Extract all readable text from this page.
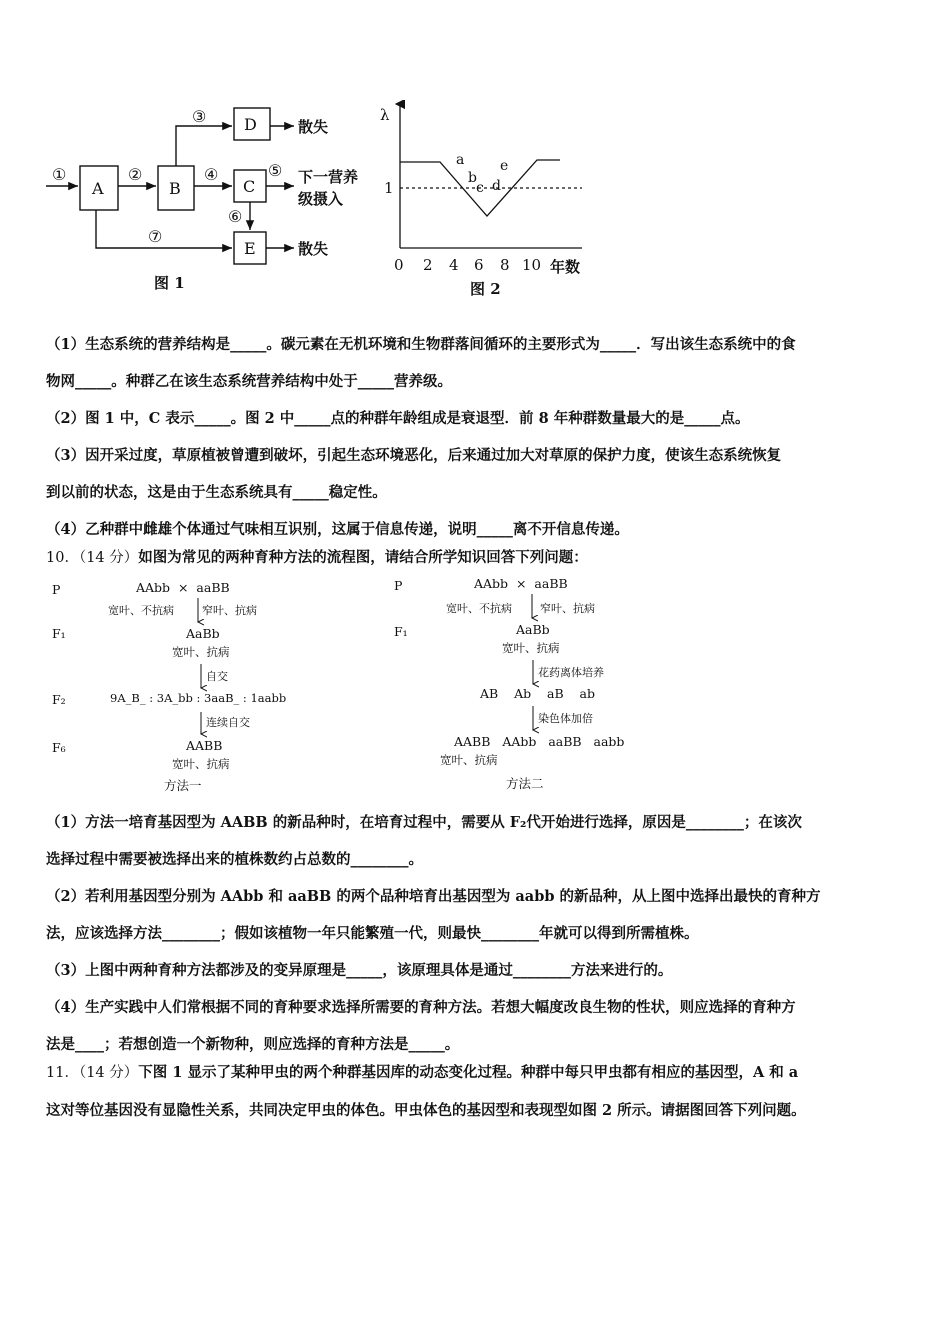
①	②
③
④	⑤
⑥
⑦
A	B	C
D
E
散失
下一营养
级摄入
散失
图 1
λ
1
0 2 4 6 8 10 年数
a
b
c d
e
图 2
（1）生态系统的营养结构是_____。碳元素在无机环境和生物群落间循环的主要形式为_____．写出该生态系统中的食
物网_____。种群乙在该生态系统营养结构中处于_____营养级。
（2）图 1 中，C 表示_____。图 2 中_____点的种群年龄组成是衰退型．前 8 年种群数量最大的是_____点。
（3）因开采过度，草原植被曾遭到破坏，引起生态环境恶化，后来通过加大对草原的保护力度，使该生态系统恢复
到以前的状态，这是由于生态系统具有_____稳定性。
（4）乙种群中雌雄个体通过气味相互识别，这属于信息传递，说明_____离不开信息传递。
10．（14 分）如图为常见的两种育种方法的流程图，请结合所学知识回答下列问题：
P	AAbb  ×  aaBB
宽叶、不抗病        窄叶、抗病
F₁	AaBb
宽叶、抗病
自交
F₂	9A_B_ : 3A_bb : 3aaB_ : 1aabb
连续自交
F₆	AABB
宽叶、抗病
方法一
P	AAbb  ×  aaBB
宽叶、不抗病        窄叶、抗病
F₁	AaBb
宽叶、抗病
花药离体培养
AB    Ab    aB    ab
染色体加倍
AABB   AAbb   aaBB   aabb
宽叶、抗病
方法二
（1）方法一培育基因型为 AABB 的新品种时，在培育过程中，需要从 F₂代开始进行选择，原因是________；在该次
选择过程中需要被选择出来的植株数约占总数的________。
（2）若利用基因型分别为 AAbb 和 aaBB 的两个品种培育出基因型为 aabb 的新品种，从上图中选择出最快的育种方
法，应该选择方法________；假如该植物一年只能繁殖一代，则最快________年就可以得到所需植株。
（3）上图中两种育种方法都涉及的变异原理是_____，该原理具体是通过________方法来进行的。
（4）生产实践中人们常根据不同的育种要求选择所需要的育种方法。若想大幅度改良生物的性状，则应选择的育种方
法是____；若想创造一个新物种，则应选择的育种方法是_____。
11．（14 分）下图 1 显示了某种甲虫的两个种群基因库的动态变化过程。种群中每只甲虫都有相应的基因型，A 和 a
这对等位基因没有显隐性关系，共同决定甲虫的体色。甲虫体色的基因型和表现型如图 2 所示。请据图回答下列问题。
